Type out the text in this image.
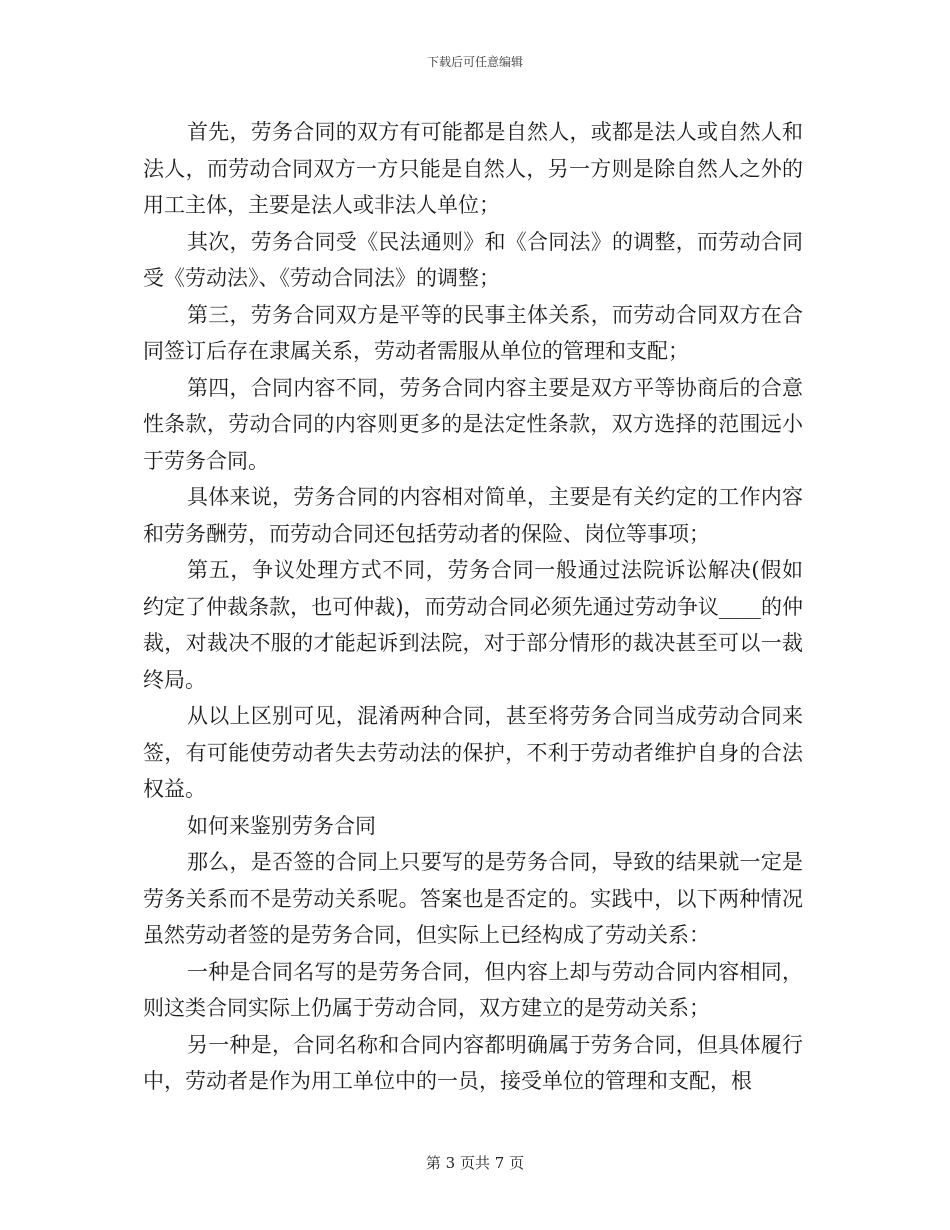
下载后可任意编辑

首先，劳务合同的双方有可能都是自然人，或都是法人或自然人和法人，而劳动合同双方一方只能是自然人，另一方则是除自然人之外的用工主体，主要是法人或非法人单位；

其次，劳务合同受《民法通则》和《合同法》的调整，而劳动合同受《劳动法》、《劳动合同法》的调整；

第三，劳务合同双方是平等的民事主体关系，而劳动合同双方在合同签订后存在隶属关系，劳动者需服从单位的管理和支配；

第四，合同内容不同，劳务合同内容主要是双方平等协商后的合意性条款，劳动合同的内容则更多的是法定性条款，双方选择的范围远小于劳务合同。

具体来说，劳务合同的内容相对简单，主要是有关约定的工作内容和劳务酬劳，而劳动合同还包括劳动者的保险、岗位等事项；

第五，争议处理方式不同，劳务合同一般通过法院诉讼解决(假如约定了仲裁条款，也可仲裁)，而劳动合同必须先通过劳动争议____的仲裁，对裁决不服的才能起诉到法院，对于部分情形的裁决甚至可以一裁终局。

从以上区别可见，混淆两种合同，甚至将劳务合同当成劳动合同来签，有可能使劳动者失去劳动法的保护，不利于劳动者维护自身的合法权益。

如何来鉴别劳务合同

那么，是否签的合同上只要写的是劳务合同，导致的结果就一定是劳务关系而不是劳动关系呢。答案也是否定的。实践中，以下两种情况虽然劳动者签的是劳务合同，但实际上已经构成了劳动关系：

一种是合同名写的是劳务合同，但内容上却与劳动合同内容相同，则这类合同实际上仍属于劳动合同，双方建立的是劳动关系；

另一种是，合同名称和合同内容都明确属于劳务合同，但具体履行中，劳动者是作为用工单位中的一员，接受单位的管理和支配，根

第 3 页共 7 页
